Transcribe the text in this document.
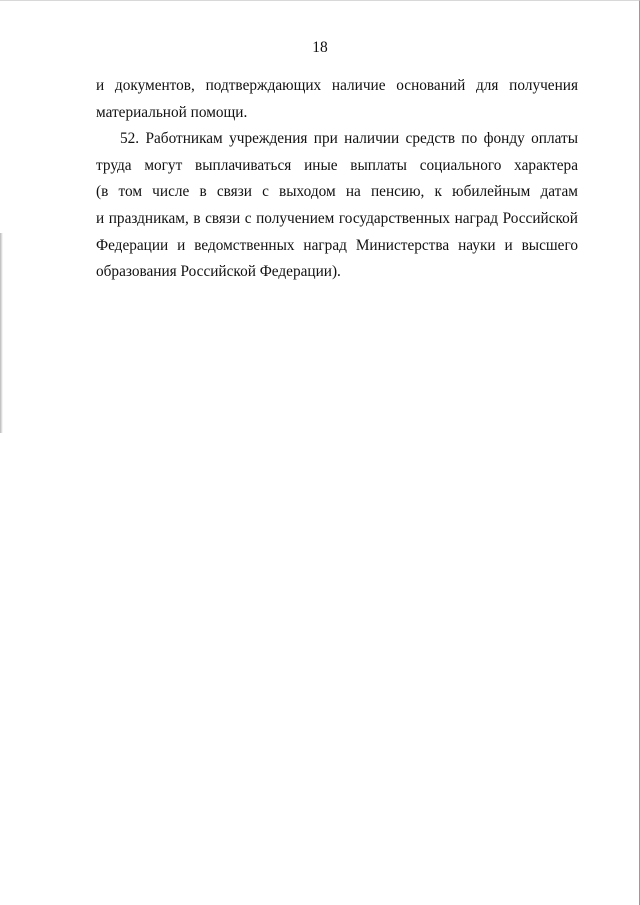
18
и документов, подтверждающих наличие оснований для получения
материальной помощи.
52. Работникам учреждения при наличии средств по фонду оплаты
труда могут выплачиваться иные выплаты социального характера
(в том числе в связи с выходом на пенсию, к юбилейным датам
и праздникам, в связи с получением государственных наград Российской
Федерации и ведомственных наград Министерства науки и высшего
образования Российской Федерации).
